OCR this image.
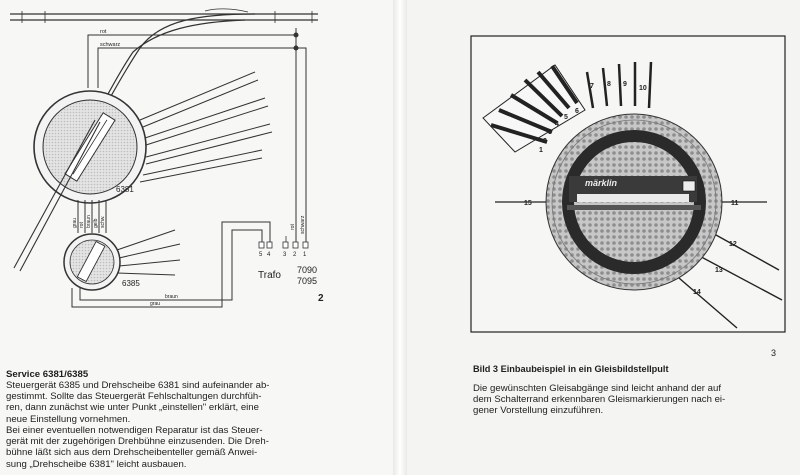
rot
schwarz
6381
grau rot braun gelb schw.
6385
braun
grau
rot schwarz
5 4 3 2 1
Trafo 7090
7095
2
Service 6381/6385
Steuergerät 6385 und Drehscheibe 6381 sind aufeinander ab-
gestimmt. Sollte das Steuergerät Fehlschaltungen durchfüh-
ren, dann zunächst wie unter Punkt „einstellen" erklärt, eine
neue Einstellung vornehmen.
Bei einer eventuellen notwendigen Reparatur ist das Steuer-
gerät mit der zugehörigen Drehbühne einzusenden. Die Dreh-
bühne läßt sich aus dem Drehscheibenteller gemäß Anwei-
sung „Drehscheibe 6381" leicht ausbauen.
märklin
1
2
3
4
5
6
7 8 9
10
15	11
12
13
14
3
Bild 3 Einbaubeispiel in ein Gleisbildstellpult
Die gewünschten Gleisabgänge sind leicht anhand der auf
dem Schalterrand erkennbaren Gleismarkierungen nach ei-
gener Vorstellung einzuführen.
